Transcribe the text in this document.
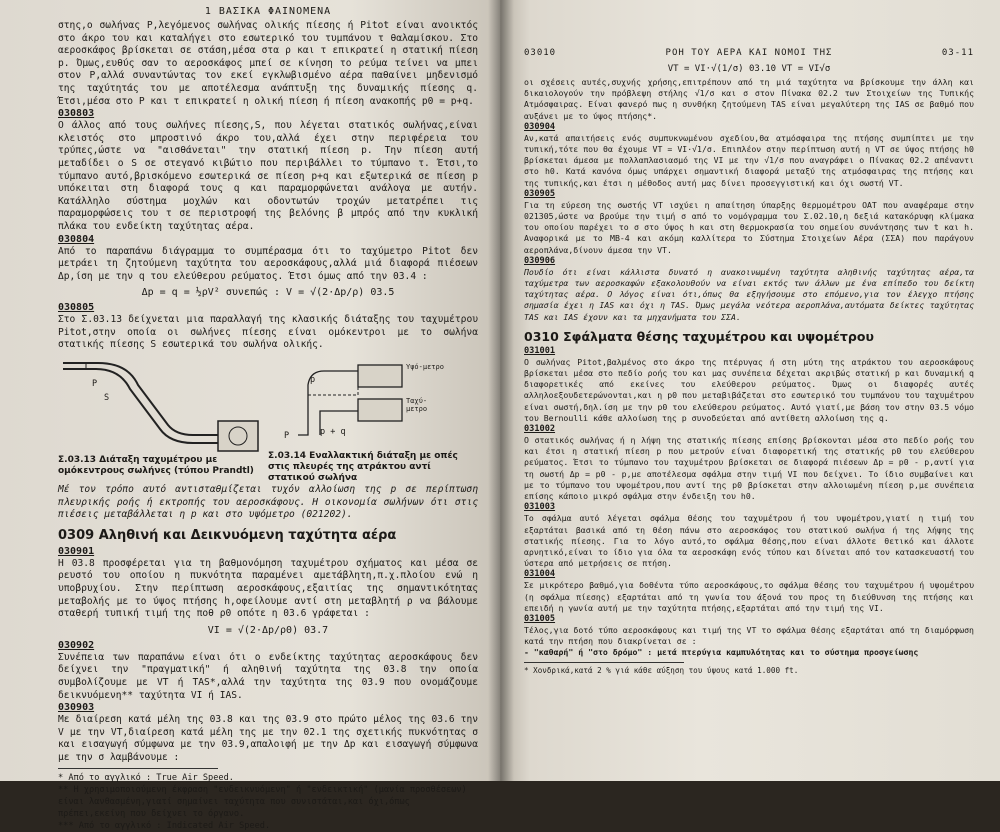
1 ΒΑΣΙΚΑ ΦΑΙΝΟΜΕΝΑ

στης,ο σωλήνας P,λεγόμενος σωλήνας ολικής πίεσης ή Pitot είναι ανοικτός στο άκρο του και καταλήγει στο εσωτερικό του τυμπάνου τ θαλαμίσκου. Στο αεροσκάφος βρίσκεται σε στάση,μέσα στα ρ και τ επικρατεί η στατική πίεση p. Όμως,ευθύς σαν το αεροσκάφος μπεί σε κίνηση το ρεύμα τείνει να μπει στον P,αλλά συναντώντας τον εκεί εγκλωβισμένο αέρα παθαίνει μηδενισμό της ταχύτητάς του με αποτέλεσμα ανάπτυξη της δυναμικής πίεσης q. Έτσι,μέσα στο P και τ επικρατεί η ολική πίεση ή πίεση ανακοπής p0 = p+q.

030803

Ο άλλος από τους σωλήνες πίεσης,S, που λέγεται στατικός σωλήνας,είναι κλειστός στο μπροστινό άκρο του,αλλά έχει στην περιφέρεια του τρύπες,ώστε να "αισθάνεται" την στατική πίεση p. Την πίεση αυτή μεταδίδει ο S σε στεγανό κιβώτιο που περιβάλλει το τύμπανο τ. Έτσι,το τύμπανο αυτό,βρισκόμενο εσωτερικά σε πίεση p+q και εξωτερικά σε πίεση p υπόκειται στη διαφορά τους q και παραμορφώνεται ανάλογα με αυτήν. Κατάλληλο σύστημα μοχλών και οδοντωτών τροχών μετατρέπει τις παραμορφώσεις του τ σε περιστροφή της βελόνης β μπρός από την κυκλική πλάκα του ενδείκτη ταχύτητας αέρα.

030804

Από το παραπάνω διάγραμμα το συμπέρασμα ότι το ταχύμετρο Pitot δεν μετράει τη ζητούμενη ταχύτητα του αεροσκάφους,αλλά μιά διαφορά πιέσεων Δp,ίση με την q του ελεύθερου ρεύματος. Έτσι όμως από την 03.4 :

Δp = q = ½ρV² συνεπώς : V = √(2·Δp/ρ) 03.5
030805

Στο Σ.03.13 δείχνεται μια παραλλαγή της κλασικής διάταξης του ταχυμέτρου Pitot,στην οποία οι σωλήνες πίεσης είναι ομόκεντροι με το σωλήνα στατικής πίεσης S εσωτερικά του σωλήνα ολικής.

P
S
p + q
P
p
Υψό-μετρο
Ταχύ-μετρο
Σ.03.13 Διάταξη ταχυμέτρου με ομόκεντρους σωλήνες (τύπου Prandtl)
Σ.03.14 Εναλλακτική διάταξη με οπές στις πλευρές της ατράκτου αντί στατικού σωλήνα

Μέ τον τρόπο αυτό αντισταθμίζεται τυχόν αλλοίωση της p σε περίπτωση πλευρικής ροής ή εκτροπής του αεροσκάφους. Η οικονομία σωλήνων ότι στις πιέσεις μεταβάλλεται η p και στο υψόμετρο (021202).

0309 Αληθινή και Δεικνυόμενη ταχύτητα αέρα
030901

Η 03.8 προσφέρεται για τη βαθμονόμηση ταχυμέτρου σχήματος και μέσα σε ρευστό του οποίου η πυκνότητα παραμένει αμετάβλητη,π.χ.πλοίου ενώ η υποβρυχίου. Στην περίπτωση αεροσκάφους,εξαιτίας της σημαντικότητας μεταβολής με το ύψος πτήσης h,οφείλουμε αντί στη μεταβλητή ρ να βάλουμε σταθερή τυπική τιμή της ποθ ρ0 οπότε η 03.6 γράφεται :

VI = √(2·Δp/ρ0) 03.7
030902

Συνέπεια των παραπάνω είναι ότι ο ενδείκτης ταχύτητας αεροσκάφους δεν δείχνει την "πραγματική" ή αληθινή ταχύτητα της 03.8 την οποία συμβολίζουμε με VT ή TAS*,αλλά την ταχύτητα της 03.9 που ονομάζουμε δεικνυόμενη** ταχύτητα VI ή IAS.

030903

Με διαίρεση κατά μέλη της 03.8 και της 03.9 στο πρώτο μέλος της 03.6 την V με την VT,διαίρεση κατά μέλη της με την 02.1 της σχετικής πυκνότητας σ και εισαγωγή σύμφωνα με την 03.9,απαλοιφή με την Δp και εισαγωγή σύμφωνα με την σ λαμβάνουμε :

* Από το αγγλικό : True Air Speed.
** Η χρησιμοποιούμενη έκφραση "ενδεικνυόμενη" ή "ενδεικτική" (μανία προσθέσεων) είναι λανθασμένη,γιατί σημαίνει ταχύτητα που συνιστάται,και όχι,όπως πρέπει,εκείνη που δείχνει το όργανο.
*** Από το αγγλικό : Indicated Air Speed.
03010	ΡΟΗ ΤΟΥ ΑΕΡΑ ΚΑΙ ΝΟΜΟΙ ΤΗΣ	03-11
VT = VI·√(1/σ) 03.10 VT = VI√σ

οι σχέσεις αυτές,συχνής χρήσης,επιτρέπουν από τη μιά ταχύτητα να βρίσκουμε την άλλη και δικαιολογούν την πρόβλεψη στήλης √1/σ και σ στον Πίνακα 02.2 των Στοιχείων της Τυπικής Ατμόσφαιρας. Είναι φανερό πως η συνθήκη ζητούμενη TAS είναι μεγαλύτερη της IAS σε βαθμό που αυξάνει με το ύψος πτήσης*.

030904

Αν,κατά απαιτήσεις ενός συμπυκνωμένου σχεδίου,θα ατμόσφαιρα της πτήσης συμπίπτει με την τυπική,τότε που θα έχουμε VT = VI·√1/σ. Επιπλέον στην περίπτωση αυτή η VT σε ύψος πτήσης h0 βρίσκεται άμεσα με πολλαπλασιασμό της VI με την √1/σ που αναγράφει ο Πίνακας 02.2 απέναντι στο h0. Κατά κανόνα όμως υπάρχει σημαντική διαφορά μεταξύ της ατμόσφαιρας της πτήσης και της τυπικής,και έτσι η μέθοδος αυτή μας δίνει προσεγγιστική και όχι σωστή VT.

030905

Για τη εύρεση της σωστής VT ισχύει η απαίτηση ύπαρξης θερμομέτρου OAT που αναφέραμε στην 021305,ώστε να βρούμε την τιμή σ από το νομόγραμμα του Σ.02.10,η δεξιά κατακόρυφη κλίμακα του οποίου παρέχει το σ στο ύψος h και στη θερμοκρασία του σημείου συνάντησης των t και h. Αναφορικά με το MB-4 και ακόμη καλλίτερα το Σύστημα Στοιχείων Αέρα (ΣΣΑ) που παράγουν αεροπλάνα,δίνουν άμεσα την VT.

030906

Πουδίο ότι είναι κάλλιστα δυνατό η ανακοινωμένη ταχύτητα αληθινής ταχύτητας αέρα,τα ταχύμετρα των αεροσκαφών εξακολουθούν να είναι εκτός των άλλων με ένα επίπεδο του δείκτη ταχύτητας αέρα. Ο λόγος είναι ότι,όπως θα εξηγήσουμε στο επόμενο,για τον έλεγχο πτήσης σημασία έχει η IAS και όχι η TAS. Όμως μεγάλα νεότερα αεροπλάνα,αυτόματα δείκτες ταχύτητας TAS και IAS έχουν και τα μηχανήματα του ΣΣΑ.

0310 Σφάλματα θέσης ταχυμέτρου και υψομέτρου
031001

Ο σωλήνας Pitot,βαλμένος στο άκρο της πτέρυγας ή στη μύτη της ατράκτου του αεροσκάφους βρίσκεται μέσα στο πεδίο ροής του και μας συνέπεια δέχεται ακριβώς στατική p και δυναμική q διαφορετικές από εκείνες του ελεύθερου ρεύματος. Όμως οι διαφορές αυτές αλληλοεξουδετερώνονται,και η p0 που μεταβιβάζεται στο εσωτερικό του τυμπάνου του ταχυμέτρου είναι σωστή,δηλ.ίση με την p0 του ελεύθερου ρεύματος. Αυτό γιατί,με βάση τον στην 03.5 νόμο του Bernoulli κάθε αλλοίωση της p συνοδεύεται από αντίθετη αλλοίωση της q.

031002

Ο στατικός σωλήνας ή η λήψη της στατικής πίεσης επίσης βρίσκονται μέσα στο πεδίο ροής του και έτσι η στατική πίεση p που μετρούν είναι διαφορετική της στατικής p0 του ελεύθερου ρεύματος. Έτσι το τύμπανο του ταχυμέτρου βρίσκεται σε διαφορά πιέσεων Δp = p0 - p,αντί για τη σωστή Δp = p0 - p,με αποτέλεσμα σφάλμα στην τιμή VI που δείχνει. Το ίδιο συμβαίνει και με το τύμπανο του υψομέτρου,που αντί της p0 βρίσκεται στην αλλοιωμένη πίεση p,με συνέπεια επίσης κάποιο μικρό σφάλμα στην ένδειξη του h0.

031003

Το σφάλμα αυτό λέγεται σφάλμα θέσης του ταχυμέτρου ή του υψομέτρου,γιατί η τιμή του εξαρτάται βασικά από τη θέση πάνω στο αεροσκάφος του στατικού σωλήνα ή της λήψης της στατικής πίεσης. Για το λόγο αυτό,το σφάλμα θέσης,που είναι άλλοτε θετικό και άλλοτε αρνητικό,είναι το ίδιο για όλα τα αεροσκάφη ενός τύπου και δίνεται από τον κατασκευαστή του ύστερα από μετρήσεις σε πτήση.

031004

Σε μικρότερο βαθμό,για δοθέντα τύπο αεροσκάφους,το σφάλμα θέσης του ταχυμέτρου ή υψομέτρου (η σφάλμα πίεσης) εξαρτάται από τη γωνία του άξονά του προς τη διεύθυνση της πτήσης και επειδή η γωνία αυτή με την ταχύτητα πτήσης,εξαρτάται από την τιμή της VI.

031005

Τέλος,για δοτό τύπο αεροσκάφους και τιμή της VT το σφάλμα θέσης εξαρτάται από τη διαμόρφωση κατά την πτήση που διακρίνεται σε :

- "καθαρή" ή "στο δρόμο" : μετά πτερύγια καμπυλότητας και το σύστημα προσγείωσης

* Χονδρικά,κατά 2 % γιά κάθε αύξηση του ύψους κατά 1.000 ft.
